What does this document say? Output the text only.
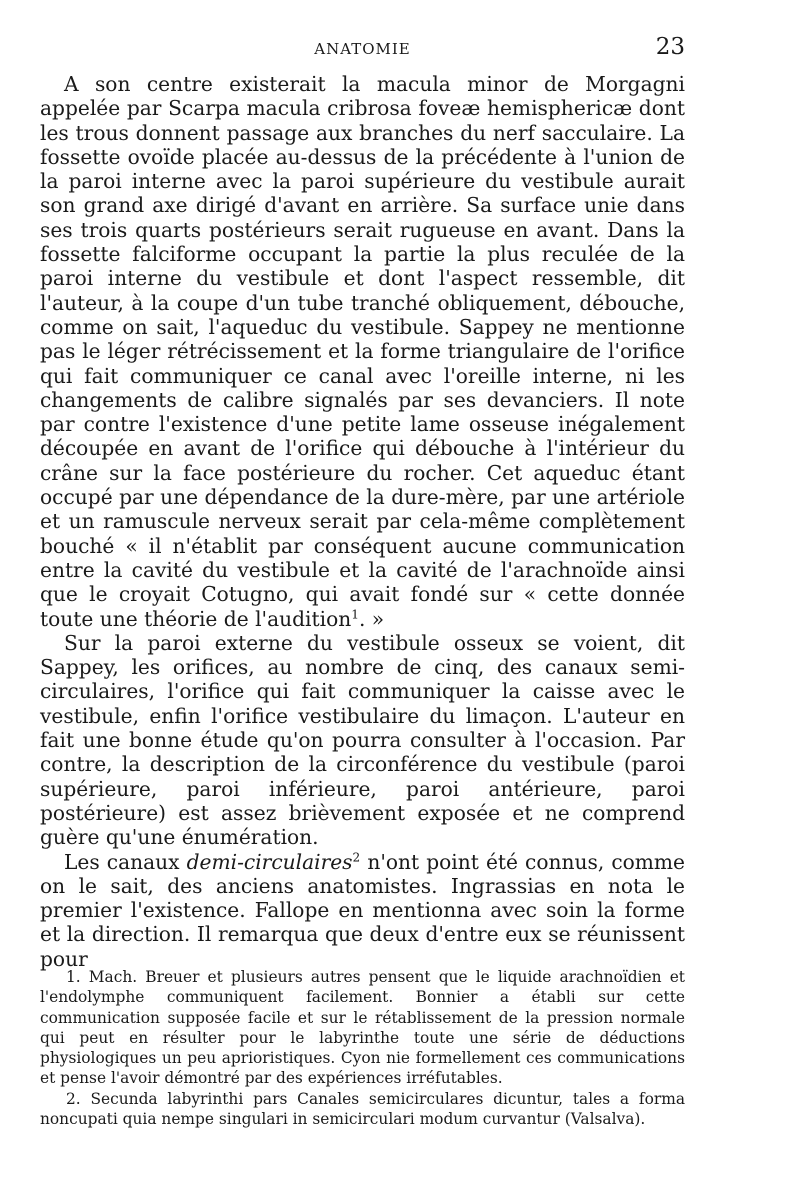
ANATOMIE	23

A son centre existerait la macula minor de Morgagni appelée par Scarpa macula cribrosa foveæ hemisphericæ dont les trous donnent passage aux branches du nerf sacculaire. La fossette ovoïde placée au-dessus de la précédente à l'union de la paroi interne avec la paroi supérieure du vestibule aurait son grand axe dirigé d'avant en arrière. Sa surface unie dans ses trois quarts postérieurs serait rugueuse en avant. Dans la fossette falciforme occupant la partie la plus reculée de la paroi interne du vestibule et dont l'aspect ressemble, dit l'auteur, à la coupe d'un tube tranché obliquement, débouche, comme on sait, l'aqueduc du vestibule. Sappey ne mentionne pas le léger rétrécissement et la forme triangulaire de l'orifice qui fait communiquer ce canal avec l'oreille interne, ni les changements de calibre signalés par ses devanciers. Il note par contre l'existence d'une petite lame osseuse inégalement découpée en avant de l'orifice qui débouche à l'intérieur du crâne sur la face postérieure du rocher. Cet aqueduc étant occupé par une dépendance de la dure-mère, par une artériole et un ramuscule nerveux serait par cela-même complètement bouché « il n'établit par conséquent aucune communication entre la cavité du vestibule et la cavité de l'arachnoïde ainsi que le croyait Cotugno, qui avait fondé sur « cette donnée toute une théorie de l'audition$^1$. »

Sur la paroi externe du vestibule osseux se voient, dit Sappey, les orifices, au nombre de cinq, des canaux semi-circulaires, l'orifice qui fait communiquer la caisse avec le vestibule, enfin l'orifice vestibulaire du limaçon. L'auteur en fait une bonne étude qu'on pourra consulter à l'occasion. Par contre, la description de la circonférence du vestibule (paroi supérieure, paroi inférieure, paroi antérieure, paroi postérieure) est assez brièvement exposée et ne comprend guère qu'une énumération.

Les canaux demi-circulaires$^2$ n'ont point été connus, comme on le sait, des anciens anatomistes. Ingrassias en nota le premier l'existence. Fallope en mentionna avec soin la forme et la direction. Il remarqua que deux d'entre eux se réunissent pour

1. Mach. Breuer et plusieurs autres pensent que le liquide arachnoïdien et l'endolymphe communiquent facilement. Bonnier a établi sur cette communication supposée facile et sur le rétablissement de la pression normale qui peut en résulter pour le labyrinthe toute une série de déductions physiologiques un peu aprioristiques. Cyon nie formellement ces communications et pense l'avoir démontré par des expériences irréfutables.

2. Secunda labyrinthi pars Canales semicirculares dicuntur, tales a forma noncupati quia nempe singulari in semicirculari modum curvantur (Valsalva).
